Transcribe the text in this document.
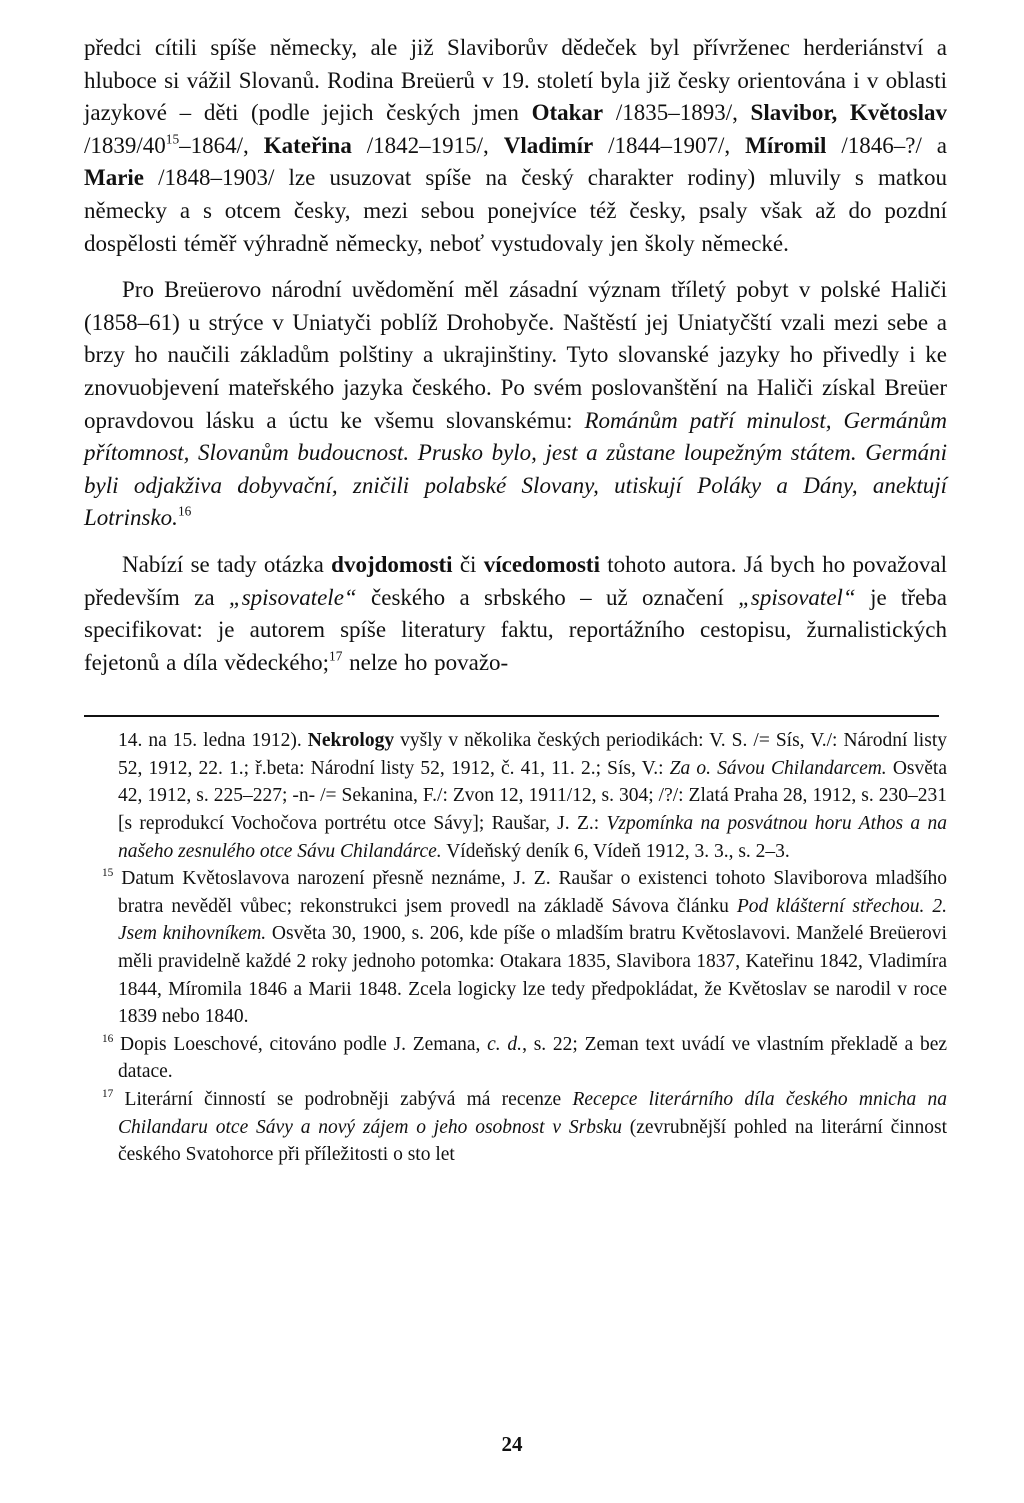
předci cítili spíše německy, ale již Slaviborův dědeček byl přívrženec herderiánství a hluboce si vážil Slovanů. Rodina Breüerů v 19. století byla již česky orientována i v oblasti jazykové – děti (podle jejich českých jmen Otakar /1835–1893/, Slavibor, Květoslav $/1839/40^{15}-1864/$, Kateřina /1842–1915/, Vladimír /1844–1907/, Míromil /1846–?/ a Marie /1848–1903/ lze usuzovat spíše na český charakter rodiny) mluvily s matkou německy a s otcem česky, mezi sebou ponejvíce též česky, psaly však až do pozdní dospělosti téměř výhradně německy, neboť vystudovaly jen školy německé.

Pro Breüerovo národní uvědomění měl zásadní význam tříletý pobyt v polské Haliči (1858–61) u strýce v Uniatyči poblíž Drohobyče. Naštěstí jej Uniatyčští vzali mezi sebe a brzy ho naučili základům polštiny a ukrajinštiny. Tyto slovanské jazyky ho přivedly i ke znovuobjevení mateřského jazyka českého. Po svém poslovanštění na Haliči získal Breüer opravdovou lásku a úctu ke všemu slovanskému: Románům patří minulost, Germánům přítomnost, Slovanům budoucnost. Prusko bylo, jest a zůstane loupežným státem. Germáni byli odjakživa dobyvační, zničili polabské Slovany, utiskují Poláky a Dány, anektují Lotrinsko.$^{16}$

Nabízí se tady otázka dvojdomosti či vícedomosti tohoto autora. Já bych ho považoval především za „spisovatele“ českého a srbského – už označení „spisovatel“ je třeba specifikovat: je autorem spíše literatury faktu, reportážního cestopisu, žurnalistických fejetonů a díla vědeckého;$^{17}$ nelze ho považo-

14. na 15. ledna 1912). Nekrology vyšly v několika českých periodikách: V. S. /= Sís, V./: Národní listy 52, 1912, 22. 1.; ř.beta: Národní listy 52, 1912, č. 41, 11. 2.; Sís, V.: Za o. Sávou Chilandarcem. Osvěta 42, 1912, s. 225–227; -n- /= Sekanina, F./: Zvon 12, 1911/12, s. 304; /?/: Zlatá Praha 28, 1912, s. 230–231 [s reprodukcí Vochočova portrétu otce Sávy]; Raušar, J. Z.: Vzpomínka na posvátnou horu Athos a na našeho zesnulého otce Sávu Chilandárce. Vídeňský deník 6, Vídeň 1912, 3. 3., s. 2–3.

$^{15}$ Datum Květoslavova narození přesně neznáme, J. Z. Raušar o existenci tohoto Slaviborova mladšího bratra nevěděl vůbec; rekonstrukci jsem provedl na základě Sávova článku Pod klášterní střechou. 2. Jsem knihovníkem. Osvěta 30, 1900, s. 206, kde píše o mladším bratru Květoslavovi. Manželé Breüerovi měli pravidelně každé 2 roky jednoho potomka: Otakara 1835, Slavibora 1837, Kateřinu 1842, Vladimíra 1844, Míromila 1846 a Marii 1848. Zcela logicky lze tedy předpokládat, že Květoslav se narodil v roce 1839 nebo 1840.

$^{16}$ Dopis Loeschové, citováno podle J. Zemana, c. d., s. 22; Zeman text uvádí ve vlastním překladě a bez datace.

$^{17}$ Literární činností se podrobněji zabývá má recenze Recepce literárního díla českého mnicha na Chilandaru otce Sávy a nový zájem o jeho osobnost v Srbsku (zevrubnější pohled na literární činnost českého Svatohorce při příležitosti o sto let

24
